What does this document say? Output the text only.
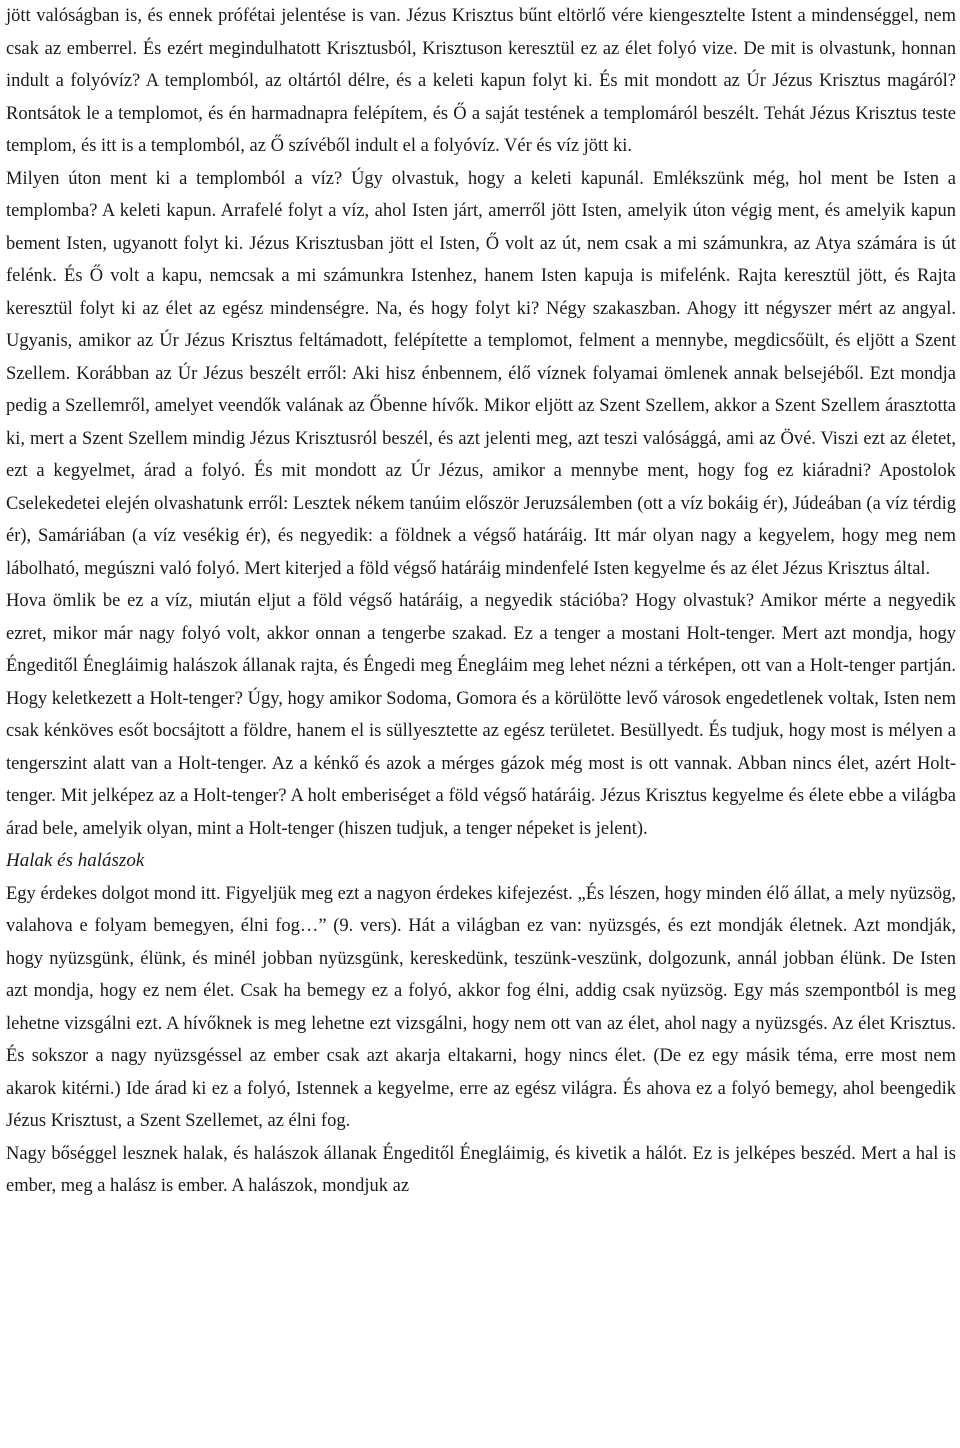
jött valóságban is, és ennek prófétai jelentése is van. Jézus Krisztus bűnt eltörlő vére kiengesztelte Istent a mindenséggel, nem csak az emberrel. És ezért megindulhatott Krisztusból, Krisztuson keresztül ez az élet folyó vize. De mit is olvastunk, honnan indult a folyóvíz? A templomból, az oltártól délre, és a keleti kapun folyt ki. És mit mondott az Úr Jézus Krisztus magáról? Rontsátok le a templomot, és én harmadnapra felépítem, és Ő a saját testének a templomáról beszélt. Tehát Jézus Krisztus teste templom, és itt is a templomból, az Ő szívéből indult el a folyóvíz. Vér és víz jött ki.

Milyen úton ment ki a templomból a víz? Úgy olvastuk, hogy a keleti kapunál. Emlékszünk még, hol ment be Isten a templomba? A keleti kapun. Arrafelé folyt a víz, ahol Isten járt, amerről jött Isten, amelyik úton végig ment, és amelyik kapun bement Isten, ugyanott folyt ki. Jézus Krisztusban jött el Isten, Ő volt az út, nem csak a mi számunkra, az Atya számára is út felénk. És Ő volt a kapu, nemcsak a mi számunkra Istenhez, hanem Isten kapuja is mifelénk. Rajta keresztül jött, és Rajta keresztül folyt ki az élet az egész mindenségre. Na, és hogy folyt ki? Négy szakaszban. Ahogy itt négyszer mért az angyal. Ugyanis, amikor az Úr Jézus Krisztus feltámadott, felépítette a templomot, felment a mennybe, megdicsőült, és eljött a Szent Szellem. Korábban az Úr Jézus beszélt erről: Aki hisz énbennem, élő víznek folyamai ömlenek annak belsejéből. Ezt mondja pedig a Szellemről, amelyet veendők valának az Őbenne hívők. Mikor eljött az Szent Szellem, akkor a Szent Szellem árasztotta ki, mert a Szent Szellem mindig Jézus Krisztusról beszél, és azt jelenti meg, azt teszi valósággá, ami az Övé. Viszi ezt az életet, ezt a kegyelmet, árad a folyó. És mit mondott az Úr Jézus, amikor a mennybe ment, hogy fog ez kiáradni? Apostolok Cselekedetei elején olvashatunk erről: Lesztek nékem tanúim először Jeruzsálemben (ott a víz bokáig ér), Júdeában (a víz térdig ér), Samáriában (a víz vesékig ér), és negyedik: a földnek a végső határáig. Itt már olyan nagy a kegyelem, hogy meg nem lábolható, megúszni való folyó. Mert kiterjed a föld végső határáig mindenfelé Isten kegyelme és az élet Jézus Krisztus által.

Hova ömlik be ez a víz, miután eljut a föld végső határáig, a negyedik stációba? Hogy olvastuk? Amikor mérte a negyedik ezret, mikor már nagy folyó volt, akkor onnan a tengerbe szakad. Ez a tenger a mostani Holt-tenger. Mert azt mondja, hogy Éngeditől Énegláimig halászok állanak rajta, és Éngedi meg Énegláim meg lehet nézni a térképen, ott van a Holt-tenger partján. Hogy keletkezett a Holt-tenger? Úgy, hogy amikor Sodoma, Gomora és a körülötte levő városok engedetlenek voltak, Isten nem csak kénköves esőt bocsájtott a földre, hanem el is süllyesztette az egész területet. Besüllyedt. És tudjuk, hogy most is mélyen a tengerszint alatt van a Holt-tenger. Az a kénkő és azok a mérges gázok még most is ott vannak. Abban nincs élet, azért Holt-tenger. Mit jelképez az a Holt-tenger? A holt emberiséget a föld végső határáig. Jézus Krisztus kegyelme és élete ebbe a világba árad bele, amelyik olyan, mint a Holt-tenger (hiszen tudjuk, a tenger népeket is jelent).

Halak és halászok

Egy érdekes dolgot mond itt. Figyeljük meg ezt a nagyon érdekes kifejezést. „És lészen, hogy minden élő állat, a mely nyüzsög, valahova e folyam bemegyen, élni fog…” (9. vers). Hát a világban ez van: nyüzsgés, és ezt mondják életnek. Azt mondják, hogy nyüzsgünk, élünk, és minél jobban nyüzsgünk, kereskedünk, teszünk-veszünk, dolgozunk, annál jobban élünk. De Isten azt mondja, hogy ez nem élet. Csak ha bemegy ez a folyó, akkor fog élni, addig csak nyüzsög. Egy más szempontból is meg lehetne vizsgálni ezt. A hívőknek is meg lehetne ezt vizsgálni, hogy nem ott van az élet, ahol nagy a nyüzsgés. Az élet Krisztus. És sokszor a nagy nyüzsgéssel az ember csak azt akarja eltakarni, hogy nincs élet. (De ez egy másik téma, erre most nem akarok kitérni.) Ide árad ki ez a folyó, Istennek a kegyelme, erre az egész világra. És ahova ez a folyó bemegy, ahol beengedik Jézus Krisztust, a Szent Szellemet, az élni fog.

Nagy bőséggel lesznek halak, és halászok állanak Éngeditől Énegláimig, és kivetik a hálót. Ez is jelképes beszéd. Mert a hal is ember, meg a halász is ember. A halászok, mondjuk az
